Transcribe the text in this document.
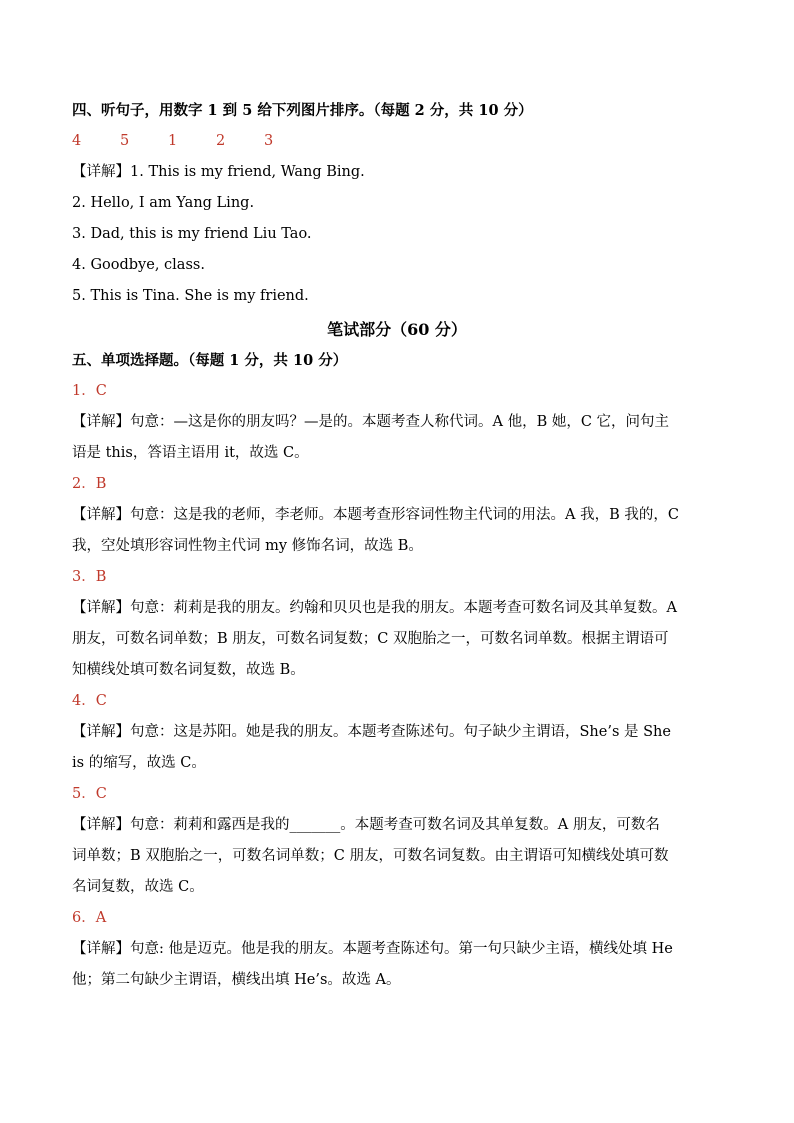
四、听句子，用数字 1 到 5 给下列图片排序。（每题 2 分，共 10 分）
4	5	1	2	3
【详解】1. This is my friend, Wang Bing.
2. Hello, I am Yang Ling.
3. Dad, this is my friend Liu Tao.
4. Goodbye, class.
5. This is Tina. She is my friend.
笔试部分（60 分）
五、单项选择题。（每题 1 分，共 10 分）
1．C
【详解】句意：—这是你的朋友吗？—是的。本题考查人称代词。A 他，B 她，C 它，问句主
语是 this，答语主语用 it，故选 C。
2．B
【详解】句意：这是我的老师，李老师。本题考查形容词性物主代词的用法。A 我，B 我的，C
我，空处填形容词性物主代词 my 修饰名词，故选 B。
3．B
【详解】句意：莉莉是我的朋友。约翰和贝贝也是我的朋友。本题考查可数名词及其单复数。A
朋友，可数名词单数；B 朋友，可数名词复数；C 双胞胎之一，可数名词单数。根据主谓语可
知横线处填可数名词复数，故选 B。
4．C
【详解】句意：这是苏阳。她是我的朋友。本题考查陈述句。句子缺少主谓语，She’s 是 She
is 的缩写，故选 C。
5．C
【详解】句意：莉莉和露西是我的_______。本题考查可数名词及其单复数。A 朋友，可数名
词单数；B 双胞胎之一，可数名词单数；C 朋友，可数名词复数。由主谓语可知横线处填可数
名词复数，故选 C。
6．A
【详解】句意: 他是迈克。他是我的朋友。本题考查陈述句。第一句只缺少主语，横线处填 He
他；第二句缺少主谓语，横线出填 He’s。故选 A。
